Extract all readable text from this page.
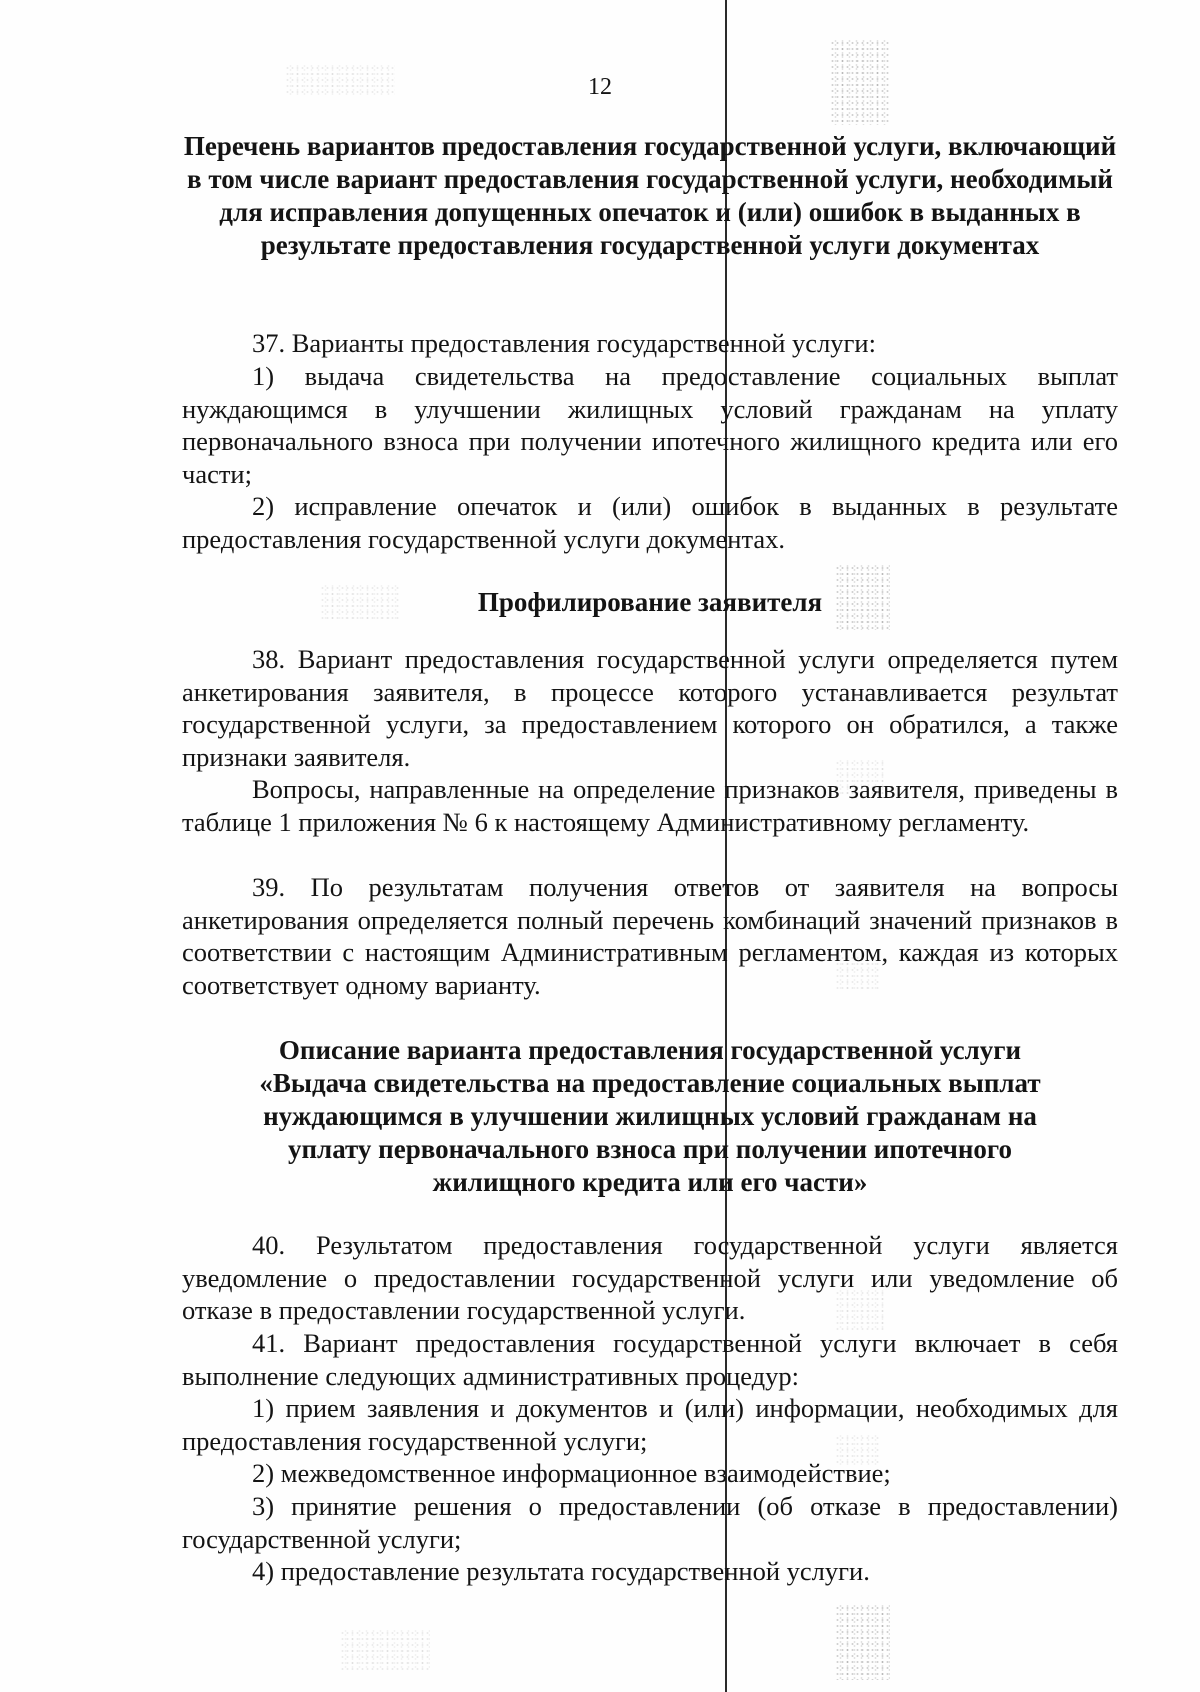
12
Перечень вариантов предоставления государственной услуги, включающий в том числе вариант предоставления государственной услуги, необходимый для исправления допущенных опечаток и (или) ошибок в выданных в результате предоставления государственной услуги документах

37. Варианты предоставления государственной услуги:

1) выдача свидетельства на предоставление социальных выплат нуждающимся в улучшении жилищных условий гражданам на уплату первоначального взноса при получении ипотечного жилищного кредита или его части;

2) исправление опечаток и (или) ошибок в выданных в результате предоставления государственной услуги документах.

Профилирование заявителя

38. Вариант предоставления государственной услуги определяется путем анкетирования заявителя, в процессе которого устанавливается результат государственной услуги, за предоставлением которого он обратился, а также признаки заявителя.

Вопросы, направленные на определение признаков заявителя, приведены в таблице 1 приложения № 6 к настоящему Административному регламенту.

39. По результатам получения ответов от заявителя на вопросы анкетирования определяется полный перечень комбинаций значений признаков в соответствии с настоящим Административным регламентом, каждая из которых соответствует одному варианту.

Описание варианта предоставления государственной услуги «Выдача свидетельства на предоставление социальных выплат нуждающимся в улучшении жилищных условий гражданам на уплату первоначального взноса при получении ипотечного жилищного кредита или его части»

40. Результатом предоставления государственной услуги является уведомление о предоставлении государственной услуги или уведомление об отказе в предоставлении государственной услуги.

41. Вариант предоставления государственной услуги включает в себя выполнение следующих административных процедур:

1) прием заявления и документов и (или) информации, необходимых для предоставления государственной услуги;

2) межведомственное информационное взаимодействие;

3) принятие решения о предоставлении (об отказе в предоставлении) государственной услуги;

4) предоставление результата государственной услуги.
